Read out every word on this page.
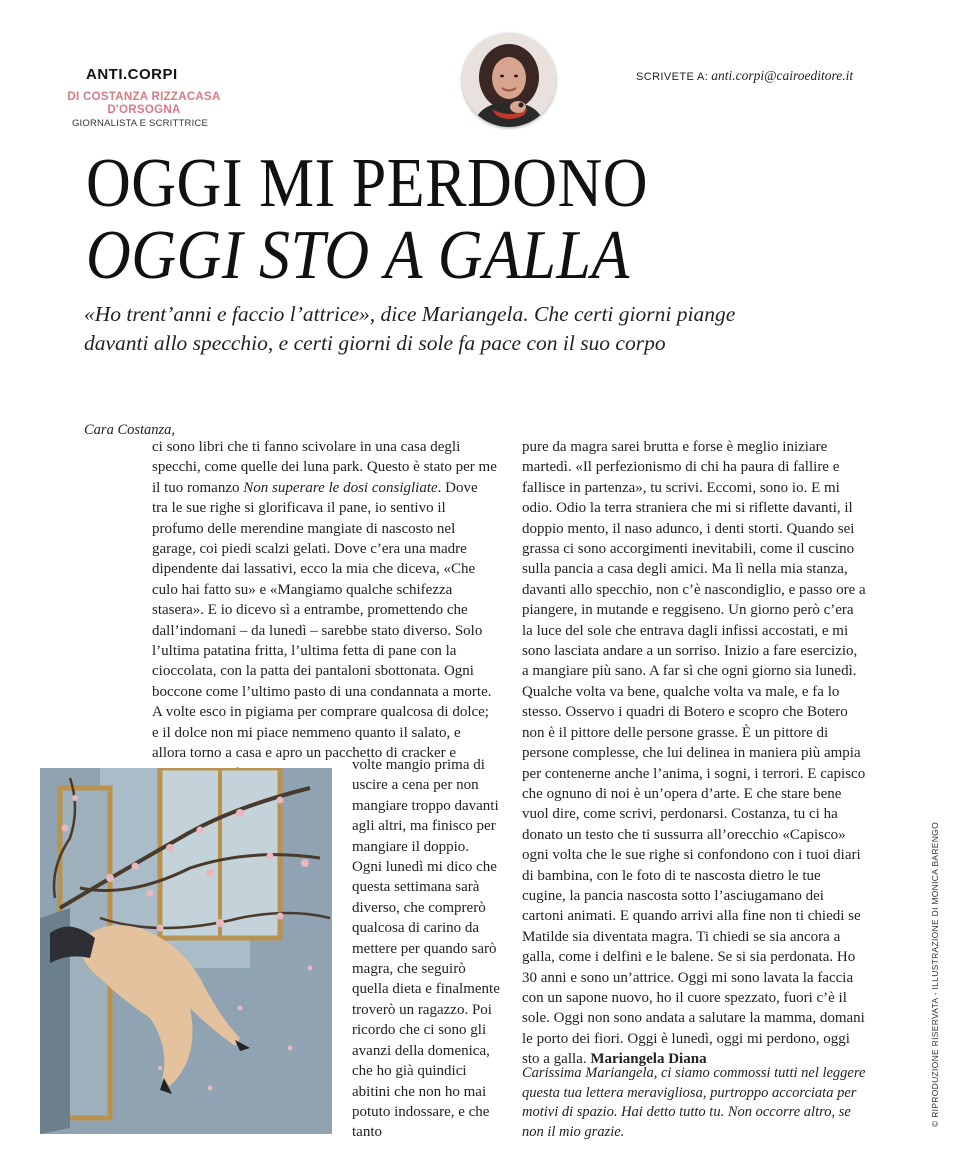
ANTI.CORPI
DI COSTANZA RIZZACASA D'ORSOGNA
GIORNALISTA E SCRITTRICE
SCRIVETE A: anti.corpi@cairoeditore.it
OGGI MI PERDONO
OGGI STO A GALLA
«Ho trent’anni e faccio l’attrice», dice Mariangela. Che certi giorni piange davanti allo specchio, e certi giorni di sole fa pace con il suo corpo
Cara Costanza,
ci sono libri che ti fanno scivolare in una casa degli specchi, come quelle dei luna park. Questo è stato per me il tuo romanzo Non superare le dosi consigliate. Dove tra le sue righe si glorificava il pane, io sentivo il profumo delle merendine mangiate di nascosto nel garage, coi piedi scalzi gelati. Dove c’era una madre dipendente dai lassativi, ecco la mia che diceva, «Che culo hai fatto su» e «Mangiamo qualche schifezza stasera». E io dicevo sì a entrambe, promettendo che dall’indomani – da lunedì – sarebbe stato diverso. Solo l’ultima patatina fritta, l’ultima fetta di pane con la cioccolata, con la patta dei pantaloni sbottonata. Ogni boccone come l’ultimo pasto di una condannata a morte. A volte esco in pigiama per comprare qualcosa di dolce; e il dolce non mi piace nemmeno quanto il salato, e allora torno a casa e apro un pacchetto di cracker e
volte mangio prima di uscire a cena per non mangiare troppo davanti agli altri, ma finisco per mangiare il doppio. Ogni lunedì mi dico che questa settimana sarà diverso, che comprerò qualcosa di carino da mettere per quando sarò magra, che seguirò quella dieta e finalmente troverò un ragazzo. Poi ricordo che ci sono gli avanzi della domenica, che ho già quindici abitini che non ho mai potuto indossare, e che tanto
pure da magra sarei brutta e forse è meglio iniziare martedì. «Il perfezionismo di chi ha paura di fallire e fallisce in partenza», tu scrivi. Eccomi, sono io. E mi odio. Odio la terra straniera che mi si riflette davanti, il doppio mento, il naso adunco, i denti storti. Quando sei grassa ci sono accorgimenti inevitabili, come il cuscino sulla pancia a casa degli amici. Ma lì nella mia stanza, davanti allo specchio, non c’è nascondiglio, e passo ore a piangere, in mutande e reggiseno. Un giorno però c’era la luce del sole che entrava dagli infissi accostati, e mi sono lasciata andare a un sorriso. Inizio a fare esercizio, a mangiare più sano. A far sì che ogni giorno sia lunedì. Qualche volta va bene, qualche volta va male, e fa lo stesso. Osservo i quadri di Botero e scopro che Botero non è il pittore delle persone grasse. È un pittore di persone complesse, che lui delinea in maniera più ampia per contenerne anche l’anima, i sogni, i terrori. E capisco che ognuno di noi è un’opera d’arte. E che stare bene vuol dire, come scrivi, perdonarsi. Costanza, tu ci ha donato un testo che ti sussurra all’orecchio «Capisco» ogni volta che le sue righe si confondono con i tuoi diari di bambina, con le foto di te nascosta dietro le tue cugine, la pancia nascosta sotto l’asciugamano dei cartoni animati. E quando arrivi alla fine non ti chiedi se Matilde sia diventata magra. Ti chiedi se sia ancora a galla, come i delfini e le balene. Se si sia perdonata. Ho 30 anni e sono un’attrice. Oggi mi sono lavata la faccia con un sapone nuovo, ho il cuore spezzato, fuori c’è il sole. Oggi non sono andata a salutare la mamma, domani le porto dei fiori. Oggi è lunedì, oggi mi perdono, oggi sto a galla. Mariangela Diana
Carissima Mariangela, ci siamo commossi tutti nel leggere questa tua lettera meravigliosa, purtroppo accorciata per motivi di spazio. Hai detto tutto tu. Non occorre altro, se non il mio grazie.
© RIPRODUZIONE RISERVATA - ILLUSTRAZIONE DI MONICA BARENGO
